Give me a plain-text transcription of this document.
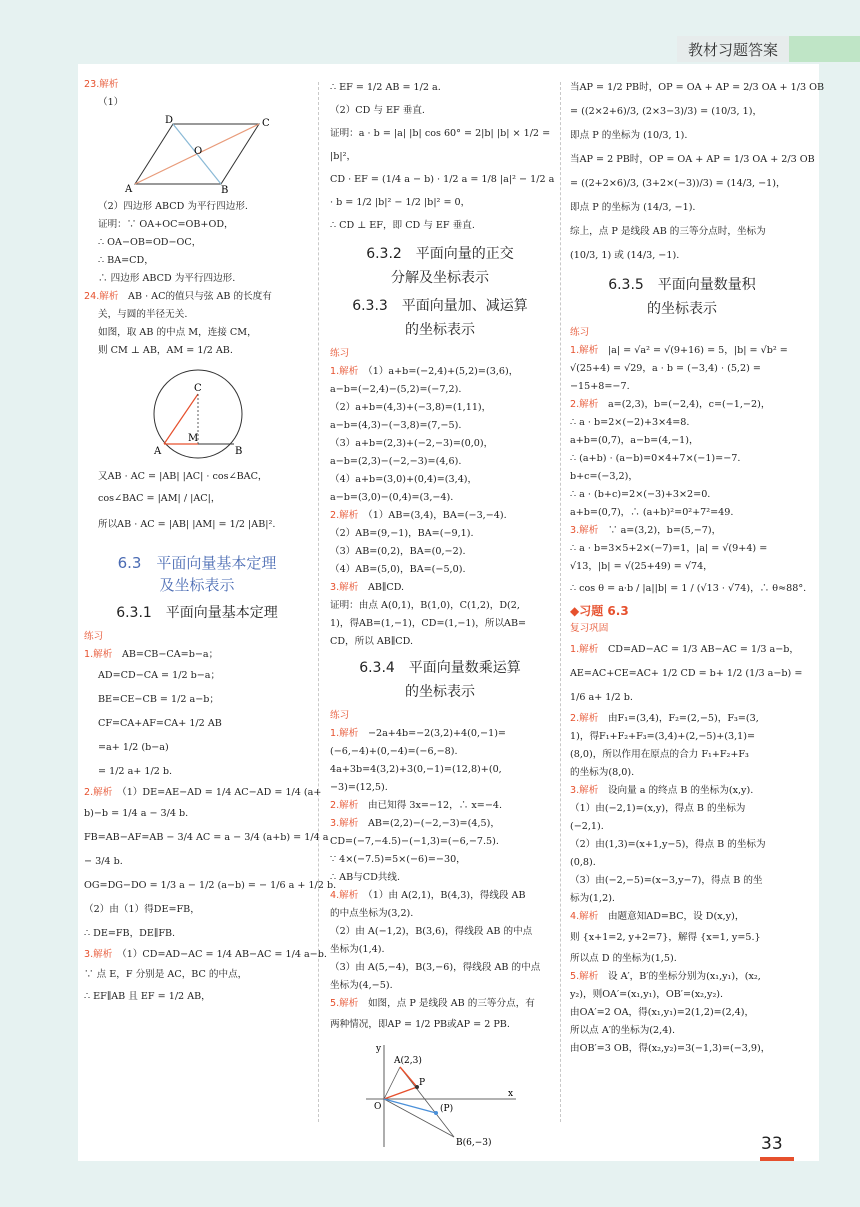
教材习题答案
23.解析
（1）
D	C
O
A	B
（2）四边形 ABCD 为平行四边形.
证明：∵ OA+OC=OB+OD，
∴ OA−OB=OD−OC，
∴ BA=CD，
∴ 四边形 ABCD 为平行四边形.
24.解析　 AB · AC的值只与弦 AB 的长度有
关，与圆的半径无关.
如图，取 AB 的中点 M，连接 CM，
则 CM ⊥ AB，AM = 1/2 AB.
C
M
A	B
又AB · AC = |AB| |AC| · cos∠BAC，
cos∠BAC = |AM| / |AC|，
所以AB · AC = |AB| |AM| = 1/2 |AB|².
6.3　平面向量基本定理
及坐标表示
6.3.1　平面向量基本定理
练习
1.解析　 AB=CB−CA=b−a；
AD=CD−CA = 1/2 b−a；
BE=CE−CB = 1/2 a−b；
CF=CA+AF=CA+ 1/2 AB
=a+ 1/2 (b−a)
= 1/2 a+ 1/2 b.
2.解析　 （1）DE=AE−AD = 1/4 AC−AD = 1/4 (a+
b)−b = 1/4 a − 3/4 b.
FB=AB−AF=AB − 3/4 AC = a − 3/4 (a+b) = 1/4 a
− 3/4 b.
OG=DG−DO = 1/3 a − 1/2 (a−b) = − 1/6 a + 1/2 b.
（2）由（1）得DE=FB，
∴ DE=FB，DE∥FB.
3.解析　 （1）CD=AD−AC = 1/4 AB−AC = 1/4 a−b.
∵ 点 E，F 分别是 AC，BC 的中点，
∴ EF∥AB 且 EF = 1/2 AB，
∴ EF = 1/2 AB = 1/2 a.
（2）CD 与 EF 垂直.
证明：a · b = |a| |b| cos 60° = 2|b| |b| × 1/2 =
|b|²，
CD · EF = (1/4 a − b) · 1/2 a = 1/8 |a|² − 1/2 a
· b = 1/2 |b|² − 1/2 |b|² = 0，
∴ CD ⊥ EF，即 CD 与 EF 垂直.
6.3.2　平面向量的正交
分解及坐标表示
6.3.3　平面向量加、减运算
的坐标表示
练习
1.解析　 （1）a+b=(−2,4)+(5,2)=(3,6)，
a−b=(−2,4)−(5,2)=(−7,2).
（2）a+b=(4,3)+(−3,8)=(1,11)，
a−b=(4,3)−(−3,8)=(7,−5).
（3）a+b=(2,3)+(−2,−3)=(0,0)，
a−b=(2,3)−(−2,−3)=(4,6).
（4）a+b=(3,0)+(0,4)=(3,4)，
a−b=(3,0)−(0,4)=(3,−4).
2.解析　 （1）AB=(3,4)，BA=(−3,−4).
（2）AB=(9,−1)，BA=(−9,1).
（3）AB=(0,2)，BA=(0,−2).
（4）AB=(5,0)，BA=(−5,0).
3.解析　 AB∥CD.
证明：由点 A(0,1)，B(1,0)，C(1,2)，D(2,
1)，得AB=(1,−1)，CD=(1,−1)，所以AB=
CD，所以 AB∥CD.
6.3.4　平面向量数乘运算
的坐标表示
练习
1.解析　 −2a+4b=−2(3,2)+4(0,−1)=
(−6,−4)+(0,−4)=(−6,−8).
4a+3b=4(3,2)+3(0,−1)=(12,8)+(0,
−3)=(12,5).
2.解析　 由已知得 3x=−12，∴ x=−4.
3.解析　 AB=(2,2)−(−2,−3)=(4,5)，
CD=(−7,−4.5)−(−1,3)=(−6,−7.5).
∵ 4×(−7.5)=5×(−6)=−30，
∴ AB与CD共线.
4.解析　 （1）由 A(2,1)，B(4,3)，得线段 AB
的中点坐标为(3,2).
（2）由 A(−1,2)，B(3,6)，得线段 AB 的中点
坐标为(1,4).
（3）由 A(5,−4)，B(3,−6)，得线段 AB 的中点
坐标为(4,−5).
5.解析　 如图，点 P 是线段 AB 的三等分点，有
两种情况，即AP = 1/2 PB或AP = 2 PB.
y
A(2,3)
P
O	(P)
x
B(6,−3)
当AP = 1/2 PB时，OP = OA + AP = 2/3 OA + 1/3 OB
= ((2×2+6)/3, (2×3−3)/3) = (10/3, 1)，
即点 P 的坐标为 (10/3, 1).
当AP = 2 PB时，OP = OA + AP = 1/3 OA + 2/3 OB
= ((2+2×6)/3, (3+2×(−3))/3) = (14/3, −1)，
即点 P 的坐标为 (14/3, −1).
综上，点 P 是线段 AB 的三等分点时，坐标为
(10/3, 1) 或 (14/3, −1).
6.3.5　平面向量数量积
的坐标表示
练习
1.解析　 |a| = √a² = √(9+16) = 5，|b| = √b² =
√(25+4) = √29，a · b = (−3,4) · (5,2) =
−15+8=−7.
2.解析　 a=(2,3)，b=(−2,4)，c=(−1,−2)，
∴ a · b=2×(−2)+3×4=8.
a+b=(0,7)，a−b=(4,−1)，
∴ (a+b) · (a−b)=0×4+7×(−1)=−7.
b+c=(−3,2)，
∴ a · (b+c)=2×(−3)+3×2=0.
a+b=(0,7)，∴ (a+b)²=0²+7²=49.
3.解析　 ∵ a=(3,2)，b=(5,−7)，
∴ a · b=3×5+2×(−7)=1，|a| = √(9+4) =
√13，|b| = √(25+49) = √74，
∴ cos θ = a·b / |a||b| = 1 / (√13 · √74)，∴ θ≈88°.
◆习题 6.3
复习巩固
1.解析　 CD=AD−AC = 1/3 AB−AC = 1/3 a−b，
AE=AC+CE=AC+ 1/2 CD = b+ 1/2 (1/3 a−b) =
1/6 a+ 1/2 b.
2.解析　 由F₁=(3,4)，F₂=(2,−5)，F₃=(3,
1)，得F₁+F₂+F₃=(3,4)+(2,−5)+(3,1)=
(8,0)，所以作用在原点的合力 F₁+F₂+F₃
的坐标为(8,0).
3.解析　 设向量 a 的终点 B 的坐标为(x,y).
（1）由(−2,1)=(x,y)，得点 B 的坐标为
(−2,1).
（2）由(1,3)=(x+1,y−5)，得点 B 的坐标为
(0,8).
（3）由(−2,−5)=(x−3,y−7)，得点 B 的坐
标为(1,2).
4.解析　 由题意知AD=BC，设 D(x,y)，
则 {x+1=2, y+2=7}，解得 {x=1, y=5.}
所以点 D 的坐标为(1,5).
5.解析　 设 A′，B′的坐标分别为(x₁,y₁)，(x₂,
y₂)，则OA′=(x₁,y₁)，OB′=(x₂,y₂).
由OA′=2 OA，得(x₁,y₁)=2(1,2)=(2,4)，
所以点 A′的坐标为(2,4).
由OB′=3 OB，得(x₂,y₂)=3(−1,3)=(−3,9)，
33
